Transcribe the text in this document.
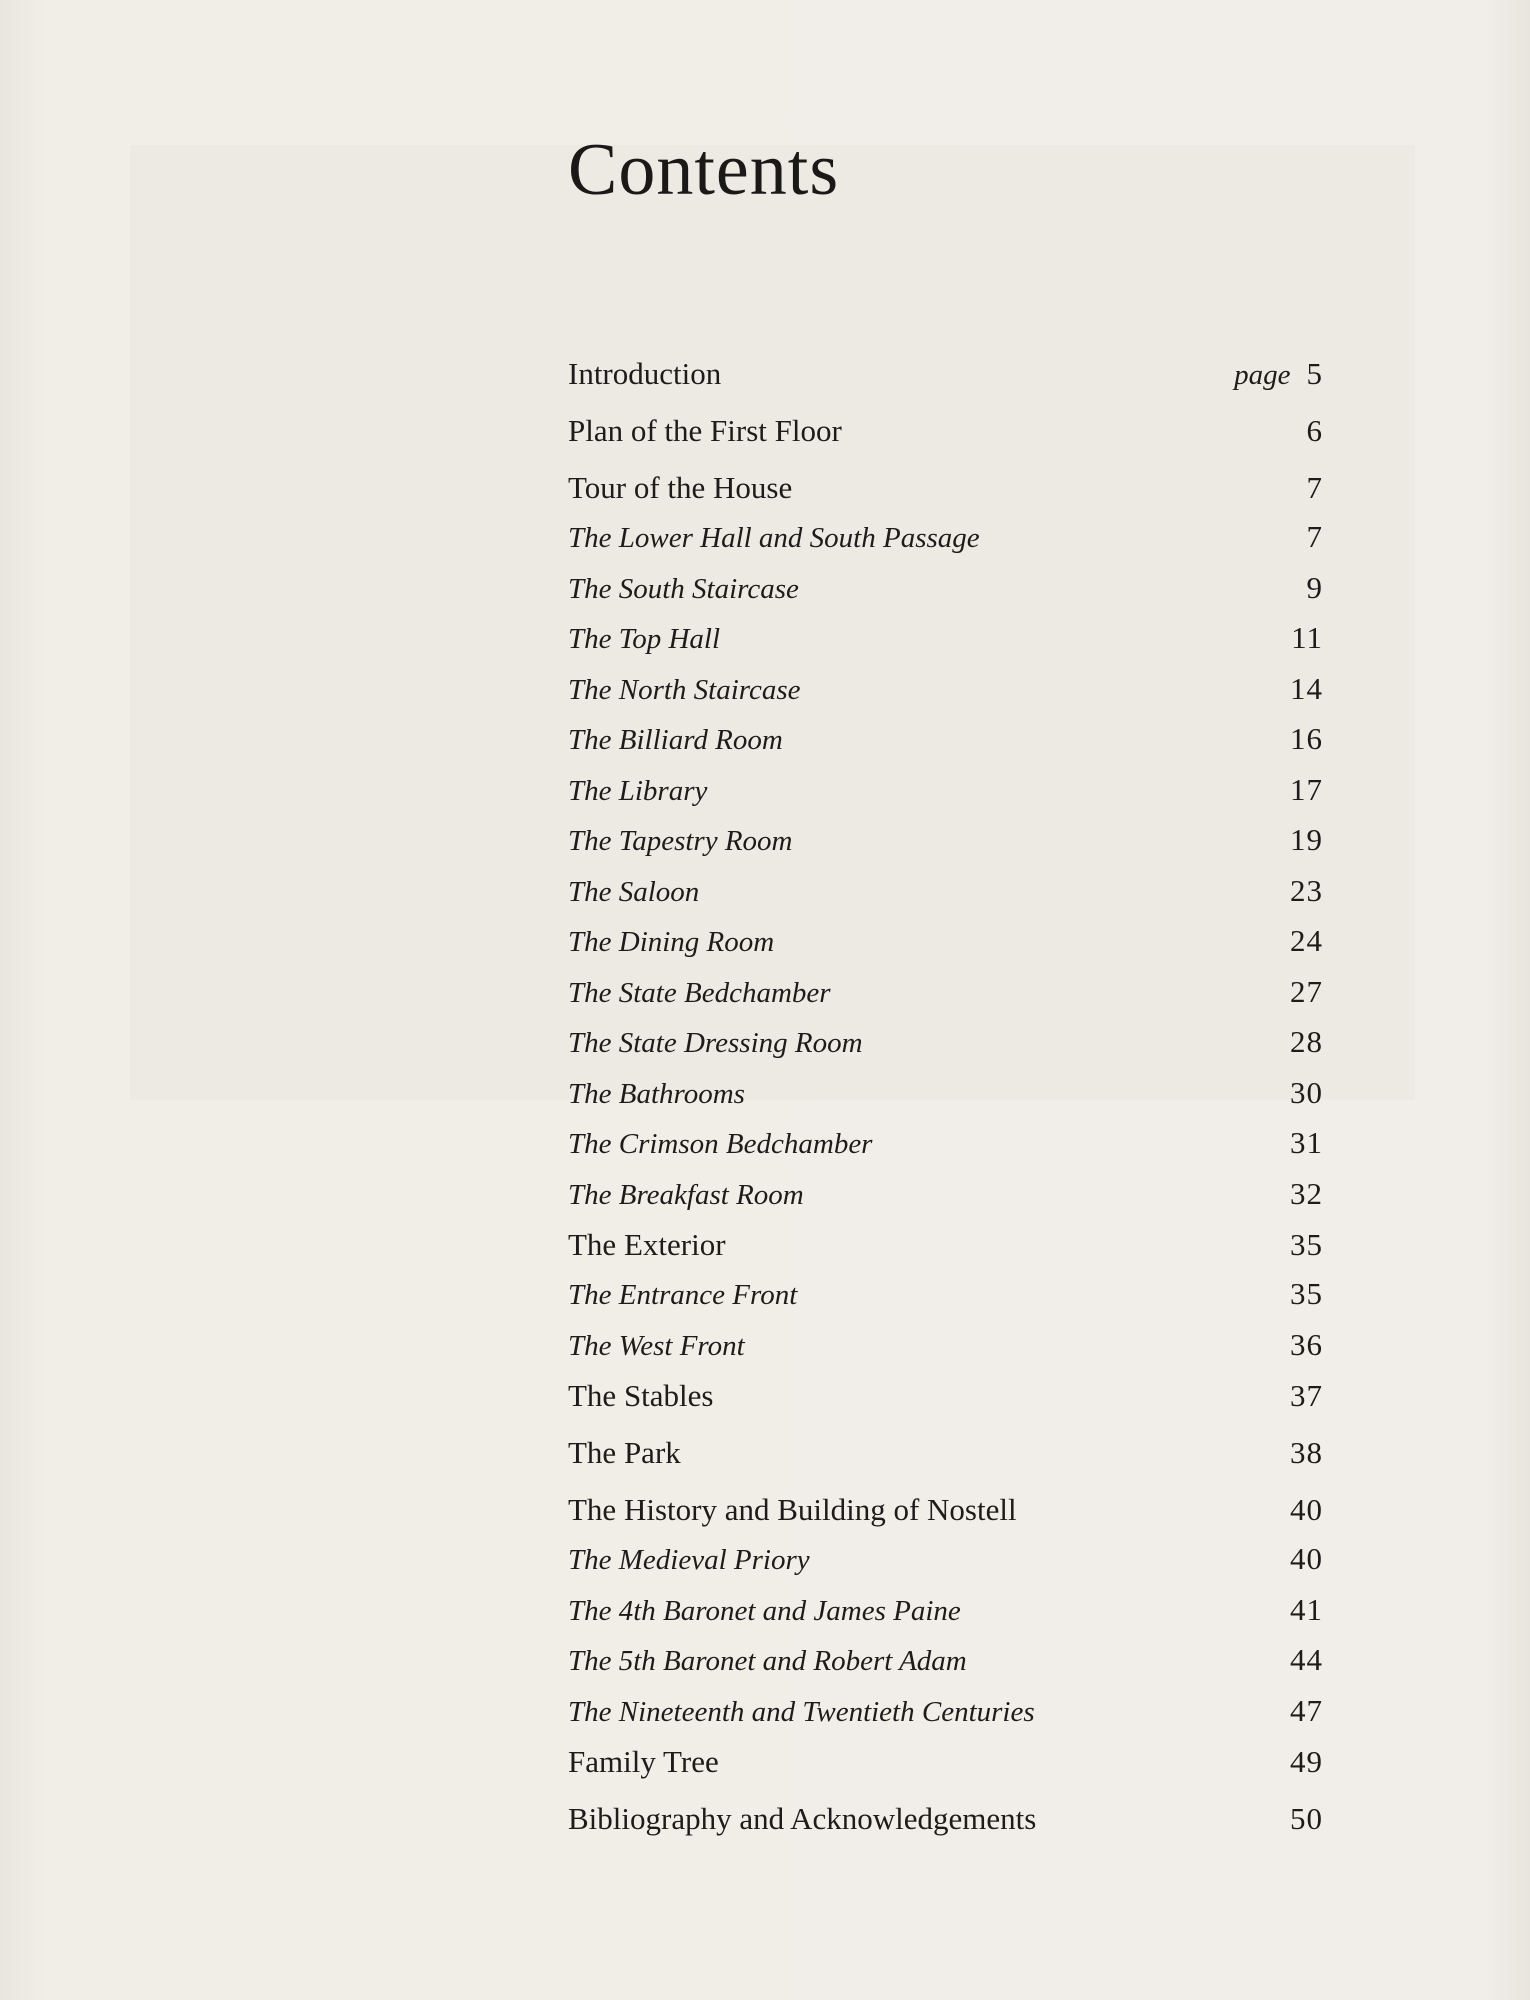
Contents
Introduction	page 5
Plan of the First Floor	6
Tour of the House	7
The Lower Hall and South Passage	7
The South Staircase	9
The Top Hall	11
The North Staircase	14
The Billiard Room	16
The Library	17
The Tapestry Room	19
The Saloon	23
The Dining Room	24
The State Bedchamber	27
The State Dressing Room	28
The Bathrooms	30
The Crimson Bedchamber	31
The Breakfast Room	32
The Exterior	35
The Entrance Front	35
The West Front	36
The Stables	37
The Park	38
The History and Building of Nostell	40
The Medieval Priory	40
The 4th Baronet and James Paine	41
The 5th Baronet and Robert Adam	44
The Nineteenth and Twentieth Centuries	47
Family Tree	49
Bibliography and Acknowledgements	50
